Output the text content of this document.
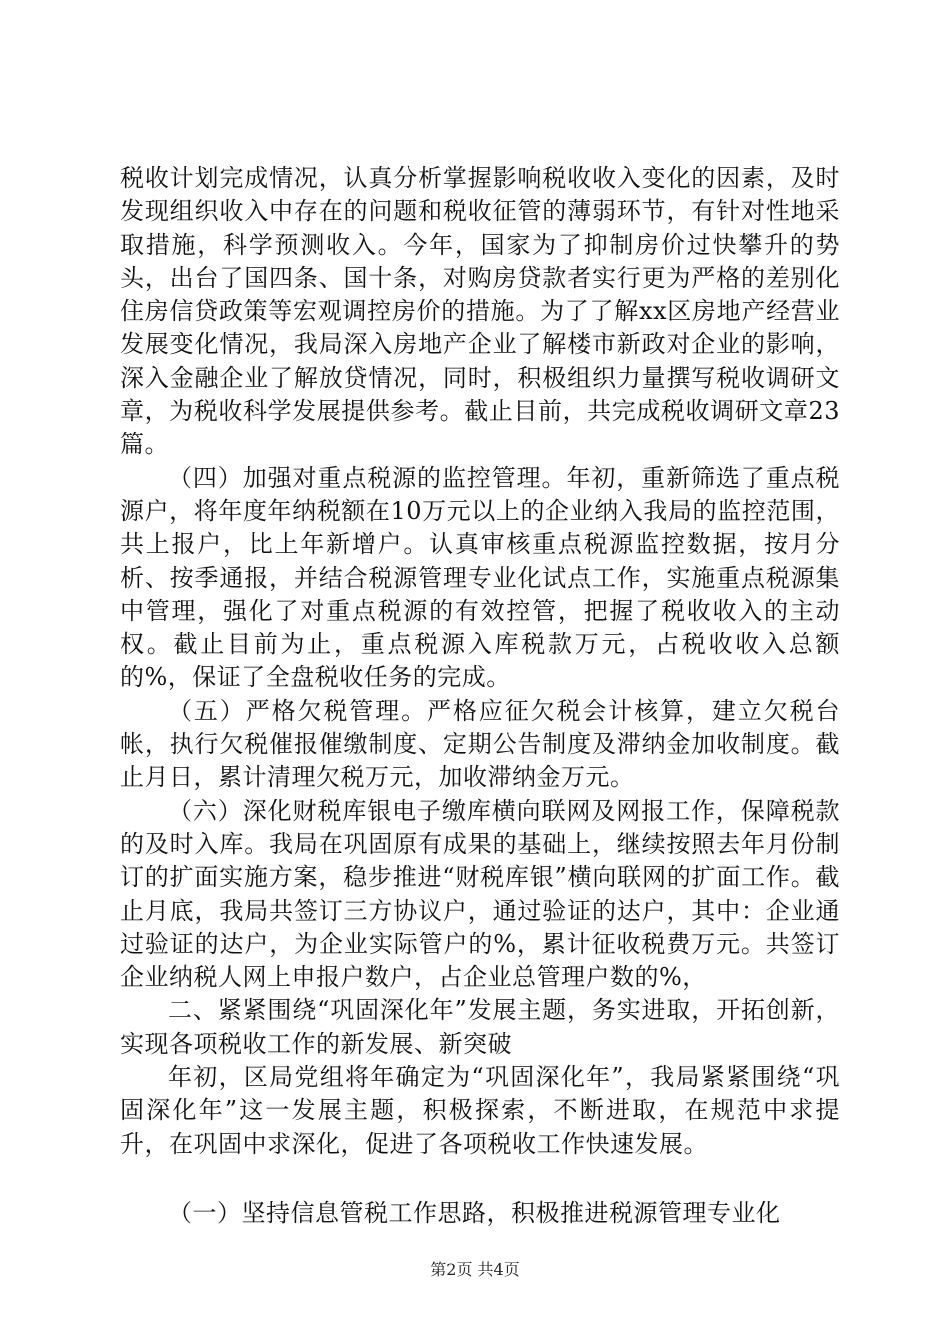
税收计划完成情况，认真分析掌握影响税收收入变化的因素，及时发现组织收入中存在的问题和税收征管的薄弱环节，有针对性地采取措施，科学预测收入。今年，国家为了抑制房价过快攀升的势头，出台了国四条、国十条，对购房贷款者实行更为严格的差别化住房信贷政策等宏观调控房价的措施。为了了解xx区房地产经营业发展变化情况，我局深入房地产企业了解楼市新政对企业的影响，深入金融企业了解放贷情况，同时，积极组织力量撰写税收调研文章，为税收科学发展提供参考。截止目前，共完成税收调研文章23篇。

（四）加强对重点税源的监控管理。年初，重新筛选了重点税源户，将年度年纳税额在10万元以上的企业纳入我局的监控范围，共上报户，比上年新增户。认真审核重点税源监控数据，按月分析、按季通报，并结合税源管理专业化试点工作，实施重点税源集中管理，强化了对重点税源的有效控管，把握了税收收入的主动权。截止目前为止，重点税源入库税款万元，占税收收入总额的%，保证了全盘税收任务的完成。

（五）严格欠税管理。严格应征欠税会计核算，建立欠税台帐，执行欠税催报催缴制度、定期公告制度及滞纳金加收制度。截止月日，累计清理欠税万元，加收滞纳金万元。

（六）深化财税库银电子缴库横向联网及网报工作，保障税款的及时入库。我局在巩固原有成果的基础上，继续按照去年月份制订的扩面实施方案，稳步推进“财税库银”横向联网的扩面工作。截止月底，我局共签订三方协议户，通过验证的达户，其中：企业通过验证的达户，为企业实际管户的%，累计征收税费万元。共签订企业纳税人网上申报户数户，占企业总管理户数的%，

二、紧紧围绕“巩固深化年”发展主题，务实进取，开拓创新，实现各项税收工作的新发展、新突破

年初，区局党组将年确定为“巩固深化年”，我局紧紧围绕“巩固深化年”这一发展主题，积极探索，不断进取，在规范中求提升，在巩固中求深化，促进了各项税收工作快速发展。

（一）坚持信息管税工作思路，积极推进税源管理专业化

第2页 共4页
